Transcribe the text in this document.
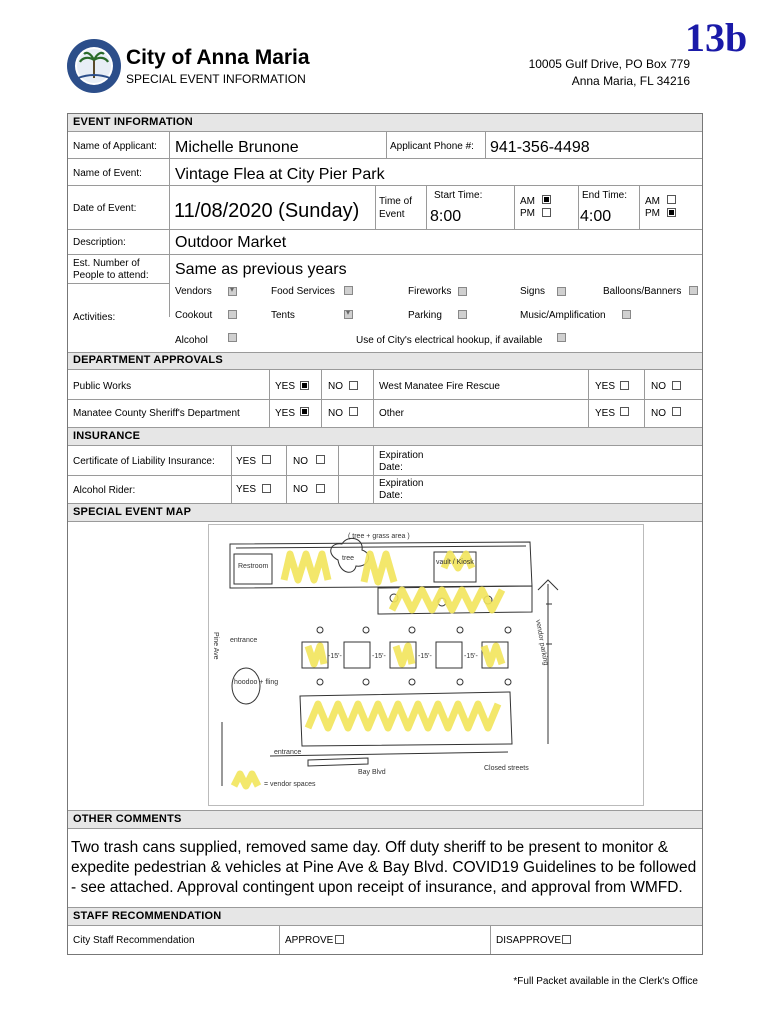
13b
City of Anna Maria
SPECIAL EVENT INFORMATION
10005 Gulf Drive, PO Box 779
Anna Maria, FL 34216
EVENT INFORMATION
Name of Applicant: Michelle Brunone	Applicant Phone #: 941-356-4498
Name of Event: Vintage Flea at City Pier Park
Date of Event: 11/08/2020 (Sunday) Time of
Event
Start Time:
8:00
AM
PM
End Time:
4:00
AM
PM
Description:	Outdoor Market
Est. Number of
People to attend: Same as previous years
Activities:
Vendors ▾	Food Services	Fireworks	Signs	Balloons/Banners
Cookout	Tents ▾	Parking	Music/Amplification
Alcohol	Use of City's electrical hookup, if available
DEPARTMENT APPROVALS
Public Works	YES	NO	West Manatee Fire Rescue	YES	NO
Manatee County Sheriff's Department	YES	NO	Other	YES	NO
INSURANCE
Certificate of Liability Insurance: YES	NO
Expiration
Date:
Alcohol Rider:	YES	NO
Expiration
Date:
SPECIAL EVENT MAP
( tree + grass area )
Restroom
tree
vault / Kiosk
Pine Ave entrance
hoodoo + fling
entrance
Bay Blvd
vendor parking
Closed streets
= vendor spaces
-15'-	-15'-	-15'-	-15'-
OTHER COMMENTS
Two trash cans supplied, removed same day. Off duty sheriff to be present to monitor & expedite pedestrian & vehicles at Pine Ave & Bay Blvd. COVID19 Guidelines to be followed - see attached. Approval contingent upon receipt of insurance, and approval from WMFD.
STAFF RECOMMENDATION
City Staff Recommendation	APPROVE	DISAPPROVE
*Full Packet available in the Clerk's Office
